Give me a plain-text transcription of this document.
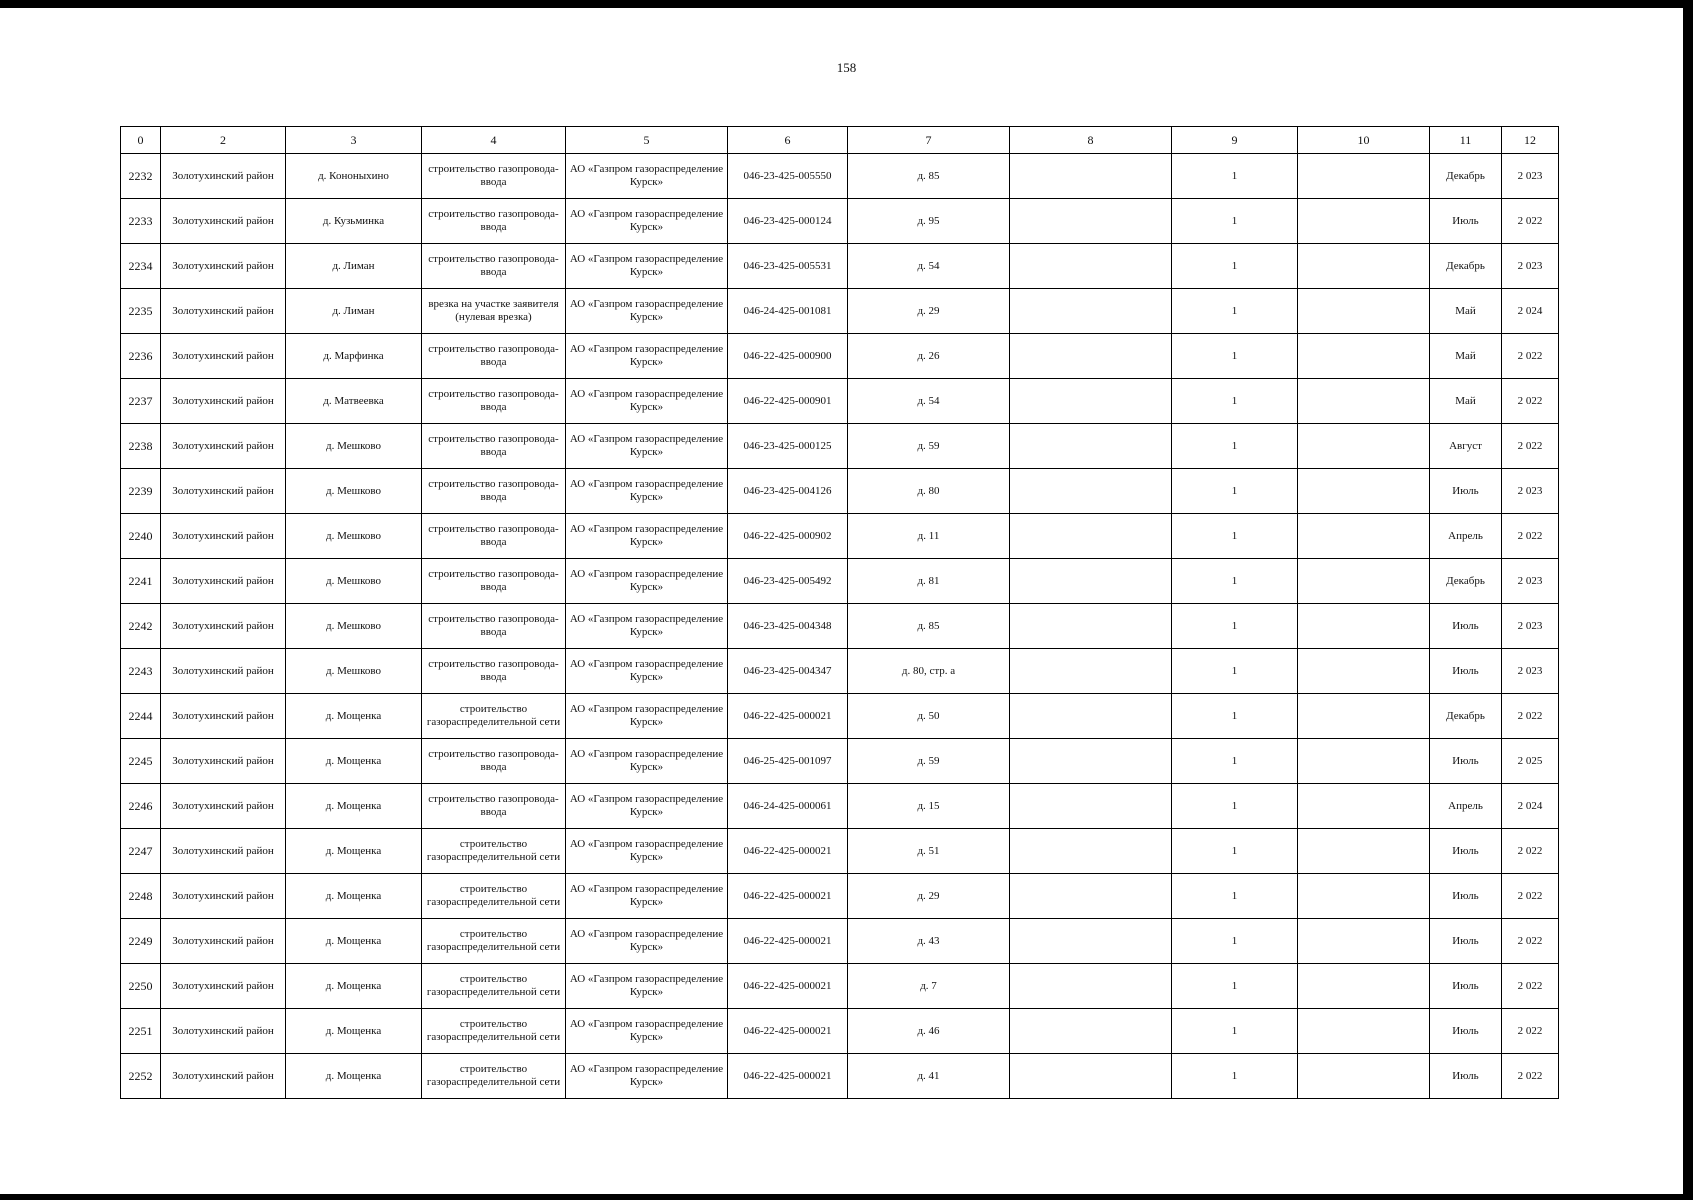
158
0	2	3	4	5	6	7	8	9	10	11	12
2232	Золотухинский район	д. Кононыхино	строительство газопровода-ввода	АО «Газпром газораспределение Курск»	046-23-425-005550	д. 85		1		Декабрь	2 023
2233	Золотухинский район	д. Кузьминка	строительство газопровода-ввода	АО «Газпром газораспределение Курск»	046-23-425-000124	д. 95		1		Июль	2 022
2234	Золотухинский район	д. Лиман	строительство газопровода-ввода	АО «Газпром газораспределение Курск»	046-23-425-005531	д. 54		1		Декабрь	2 023
2235	Золотухинский район	д. Лиман	врезка на участке заявителя (нулевая врезка)	АО «Газпром газораспределение Курск»	046-24-425-001081	д. 29		1		Май	2 024
2236	Золотухинский район	д. Марфинка	строительство газопровода-ввода	АО «Газпром газораспределение Курск»	046-22-425-000900	д. 26		1		Май	2 022
2237	Золотухинский район	д. Матвеевка	строительство газопровода-ввода	АО «Газпром газораспределение Курск»	046-22-425-000901	д. 54		1		Май	2 022
2238	Золотухинский район	д. Мешково	строительство газопровода-ввода	АО «Газпром газораспределение Курск»	046-23-425-000125	д. 59		1		Август	2 022
2239	Золотухинский район	д. Мешково	строительство газопровода-ввода	АО «Газпром газораспределение Курск»	046-23-425-004126	д. 80		1		Июль	2 023
2240	Золотухинский район	д. Мешково	строительство газопровода-ввода	АО «Газпром газораспределение Курск»	046-22-425-000902	д. 11		1		Апрель	2 022
2241	Золотухинский район	д. Мешково	строительство газопровода-ввода	АО «Газпром газораспределение Курск»	046-23-425-005492	д. 81		1		Декабрь	2 023
2242	Золотухинский район	д. Мешково	строительство газопровода-ввода	АО «Газпром газораспределение Курск»	046-23-425-004348	д. 85		1		Июль	2 023
2243	Золотухинский район	д. Мешково	строительство газопровода-ввода	АО «Газпром газораспределение Курск»	046-23-425-004347	д. 80, стр. а		1		Июль	2 023
2244	Золотухинский район	д. Мощенка	строительство газораспределительной сети	АО «Газпром газораспределение Курск»	046-22-425-000021	д. 50		1		Декабрь	2 022
2245	Золотухинский район	д. Мощенка	строительство газопровода-ввода	АО «Газпром газораспределение Курск»	046-25-425-001097	д. 59		1		Июль	2 025
2246	Золотухинский район	д. Мощенка	строительство газопровода-ввода	АО «Газпром газораспределение Курск»	046-24-425-000061	д. 15		1		Апрель	2 024
2247	Золотухинский район	д. Мощенка	строительство газораспределительной сети	АО «Газпром газораспределение Курск»	046-22-425-000021	д. 51		1		Июль	2 022
2248	Золотухинский район	д. Мощенка	строительство газораспределительной сети	АО «Газпром газораспределение Курск»	046-22-425-000021	д. 29		1		Июль	2 022
2249	Золотухинский район	д. Мощенка	строительство газораспределительной сети	АО «Газпром газораспределение Курск»	046-22-425-000021	д. 43		1		Июль	2 022
2250	Золотухинский район	д. Мощенка	строительство газораспределительной сети	АО «Газпром газораспределение Курск»	046-22-425-000021	д. 7		1		Июль	2 022
2251	Золотухинский район	д. Мощенка	строительство газораспределительной сети	АО «Газпром газораспределение Курск»	046-22-425-000021	д. 46		1		Июль	2 022
2252	Золотухинский район	д. Мощенка	строительство газораспределительной сети	АО «Газпром газораспределение Курск»	046-22-425-000021	д. 41		1		Июль	2 022
